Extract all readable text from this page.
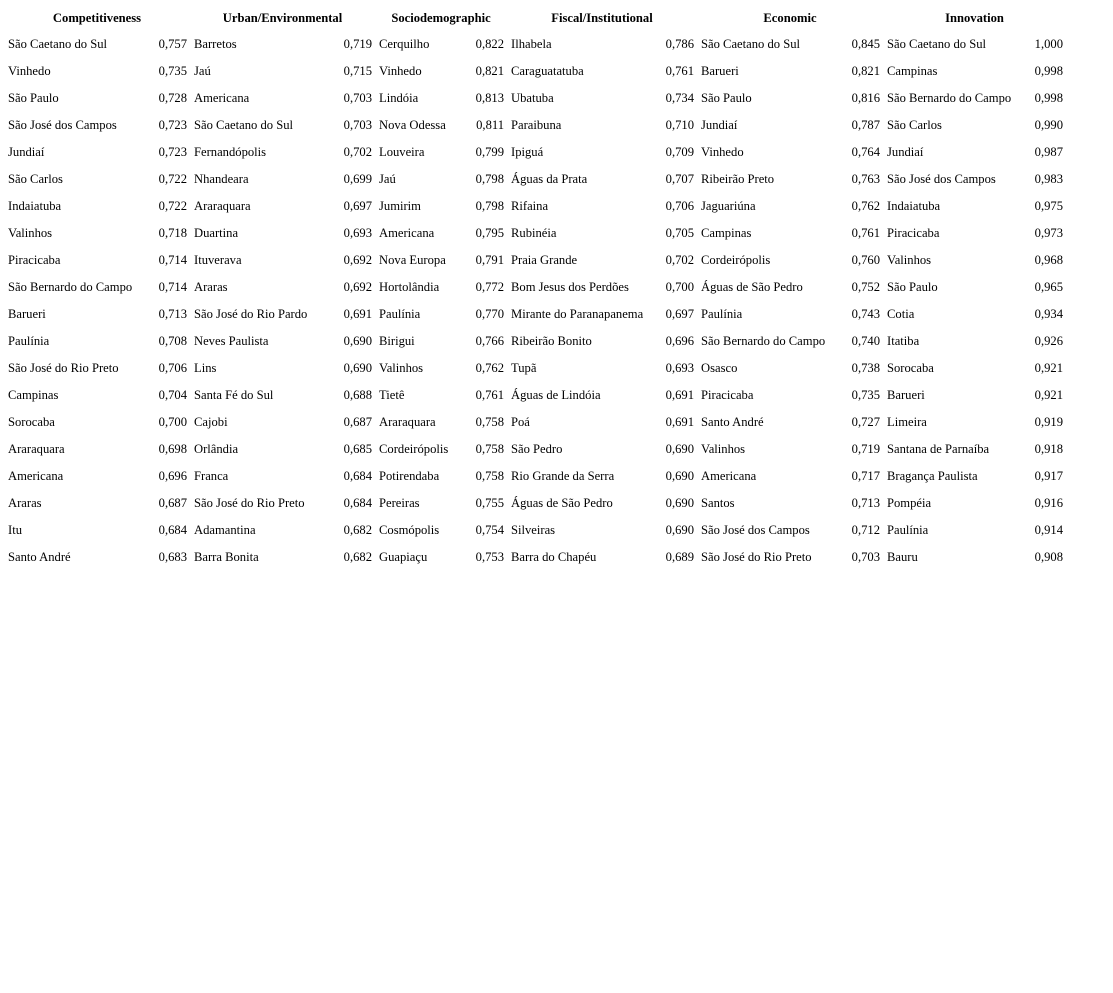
Competitiveness		Urban/Environmental		Sociodemographic		Fiscal/Institutional		Economic		Innovation	
São Caetano do Sul	0,757	Barretos	0,719	Cerquilho	0,822	Ilhabela	0,786	São Caetano do Sul	0,845	São Caetano do Sul	1,000
Vinhedo	0,735	Jaú	0,715	Vinhedo	0,821	Caraguatatuba	0,761	Barueri	0,821	Campinas	0,998
São Paulo	0,728	Americana	0,703	Lindóia	0,813	Ubatuba	0,734	São Paulo	0,816	São Bernardo do Campo	0,998
São José dos Campos	0,723	São Caetano do Sul	0,703	Nova Odessa	0,811	Paraibuna	0,710	Jundiaí	0,787	São Carlos	0,990
Jundiaí	0,723	Fernandópolis	0,702	Louveira	0,799	Ipiguá	0,709	Vinhedo	0,764	Jundiaí	0,987
São Carlos	0,722	Nhandeara	0,699	Jaú	0,798	Águas da Prata	0,707	Ribeirão Preto	0,763	São José dos Campos	0,983
Indaiatuba	0,722	Araraquara	0,697	Jumirim	0,798	Rifaina	0,706	Jaguariúna	0,762	Indaiatuba	0,975
Valinhos	0,718	Duartina	0,693	Americana	0,795	Rubinéia	0,705	Campinas	0,761	Piracicaba	0,973
Piracicaba	0,714	Ituverava	0,692	Nova Europa	0,791	Praia Grande	0,702	Cordeirópolis	0,760	Valinhos	0,968
São Bernardo do Campo	0,714	Araras	0,692	Hortolândia	0,772	Bom Jesus dos Perdões	0,700	Águas de São Pedro	0,752	São Paulo	0,965
Barueri	0,713	São José do Rio Pardo	0,691	Paulínia	0,770	Mirante do Paranapanema	0,697	Paulínia	0,743	Cotia	0,934
Paulínia	0,708	Neves Paulista	0,690	Birigui	0,766	Ribeirão Bonito	0,696	São Bernardo do Campo	0,740	Itatiba	0,926
São José do Rio Preto	0,706	Lins	0,690	Valinhos	0,762	Tupã	0,693	Osasco	0,738	Sorocaba	0,921
Campinas	0,704	Santa Fé do Sul	0,688	Tietê	0,761	Águas de Lindóia	0,691	Piracicaba	0,735	Barueri	0,921
Sorocaba	0,700	Cajobi	0,687	Araraquara	0,758	Poá	0,691	Santo André	0,727	Limeira	0,919
Araraquara	0,698	Orlândia	0,685	Cordeirópolis	0,758	São Pedro	0,690	Valinhos	0,719	Santana de Parnaíba	0,918
Americana	0,696	Franca	0,684	Potirendaba	0,758	Rio Grande da Serra	0,690	Americana	0,717	Bragança Paulista	0,917
Araras	0,687	São José do Rio Preto	0,684	Pereiras	0,755	Águas de São Pedro	0,690	Santos	0,713	Pompéia	0,916
Itu	0,684	Adamantina	0,682	Cosmópolis	0,754	Silveiras	0,690	São José dos Campos	0,712	Paulínia	0,914
Santo André	0,683	Barra Bonita	0,682	Guapiaçu	0,753	Barra do Chapéu	0,689	São José do Rio Preto	0,703	Bauru	0,908
